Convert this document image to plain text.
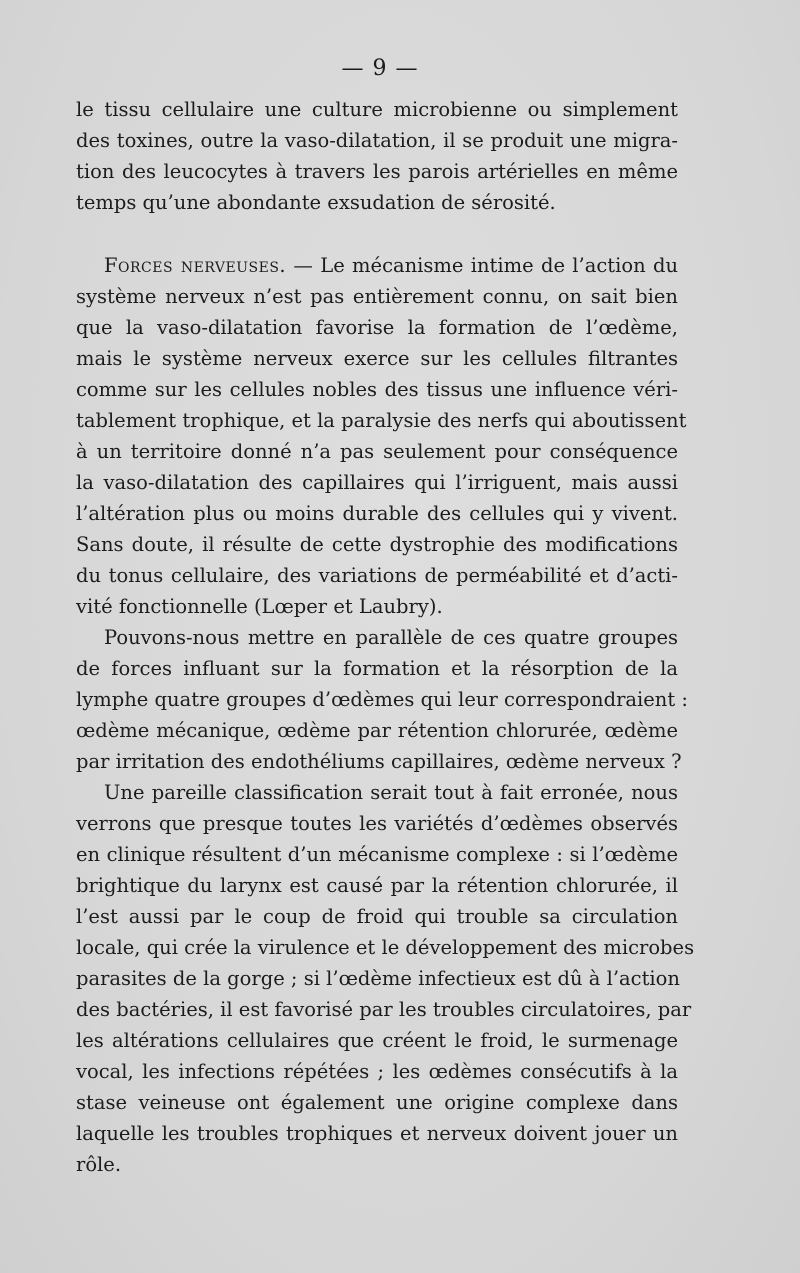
— 9 —
le tissu cellulaire une culture microbienne ou simplement
des toxines, outre la vaso-dilatation, il se produit une migra-
tion des leucocytes à travers les parois artérielles en même
temps qu’une abondante exsudation de sérosité.
Forces nerveuses. — Le mécanisme intime de l’action du
système nerveux n’est pas entièrement connu, on sait bien
que la vaso-dilatation favorise la formation de l’œdème,
mais le système nerveux exerce sur les cellules filtrantes
comme sur les cellules nobles des tissus une influence véri-
tablement trophique, et la paralysie des nerfs qui aboutissent
à un territoire donné n’a pas seulement pour conséquence
la vaso-dilatation des capillaires qui l’irriguent, mais aussi
l’altération plus ou moins durable des cellules qui y vivent.
Sans doute, il résulte de cette dystrophie des modifications
du tonus cellulaire, des variations de perméabilité et d’acti-
vité fonctionnelle (Lœper et Laubry).
Pouvons-nous mettre en parallèle de ces quatre groupes
de forces influant sur la formation et la résorption de la
lymphe quatre groupes d’œdèmes qui leur correspondraient :
œdème mécanique, œdème par rétention chlorurée, œdème
par irritation des endothéliums capillaires, œdème nerveux ?
Une pareille classification serait tout à fait erronée, nous
verrons que presque toutes les variétés d’œdèmes observés
en clinique résultent d’un mécanisme complexe : si l’œdème
brightique du larynx est causé par la rétention chlorurée, il
l’est aussi par le coup de froid qui trouble sa circulation
locale, qui crée la virulence et le développement des microbes
parasites de la gorge ; si l’œdème infectieux est dû à l’action
des bactéries, il est favorisé par les troubles circulatoires, par
les altérations cellulaires que créent le froid, le surmenage
vocal, les infections répétées ; les œdèmes consécutifs à la
stase veineuse ont également une origine complexe dans
laquelle les troubles trophiques et nerveux doivent jouer un
rôle.
